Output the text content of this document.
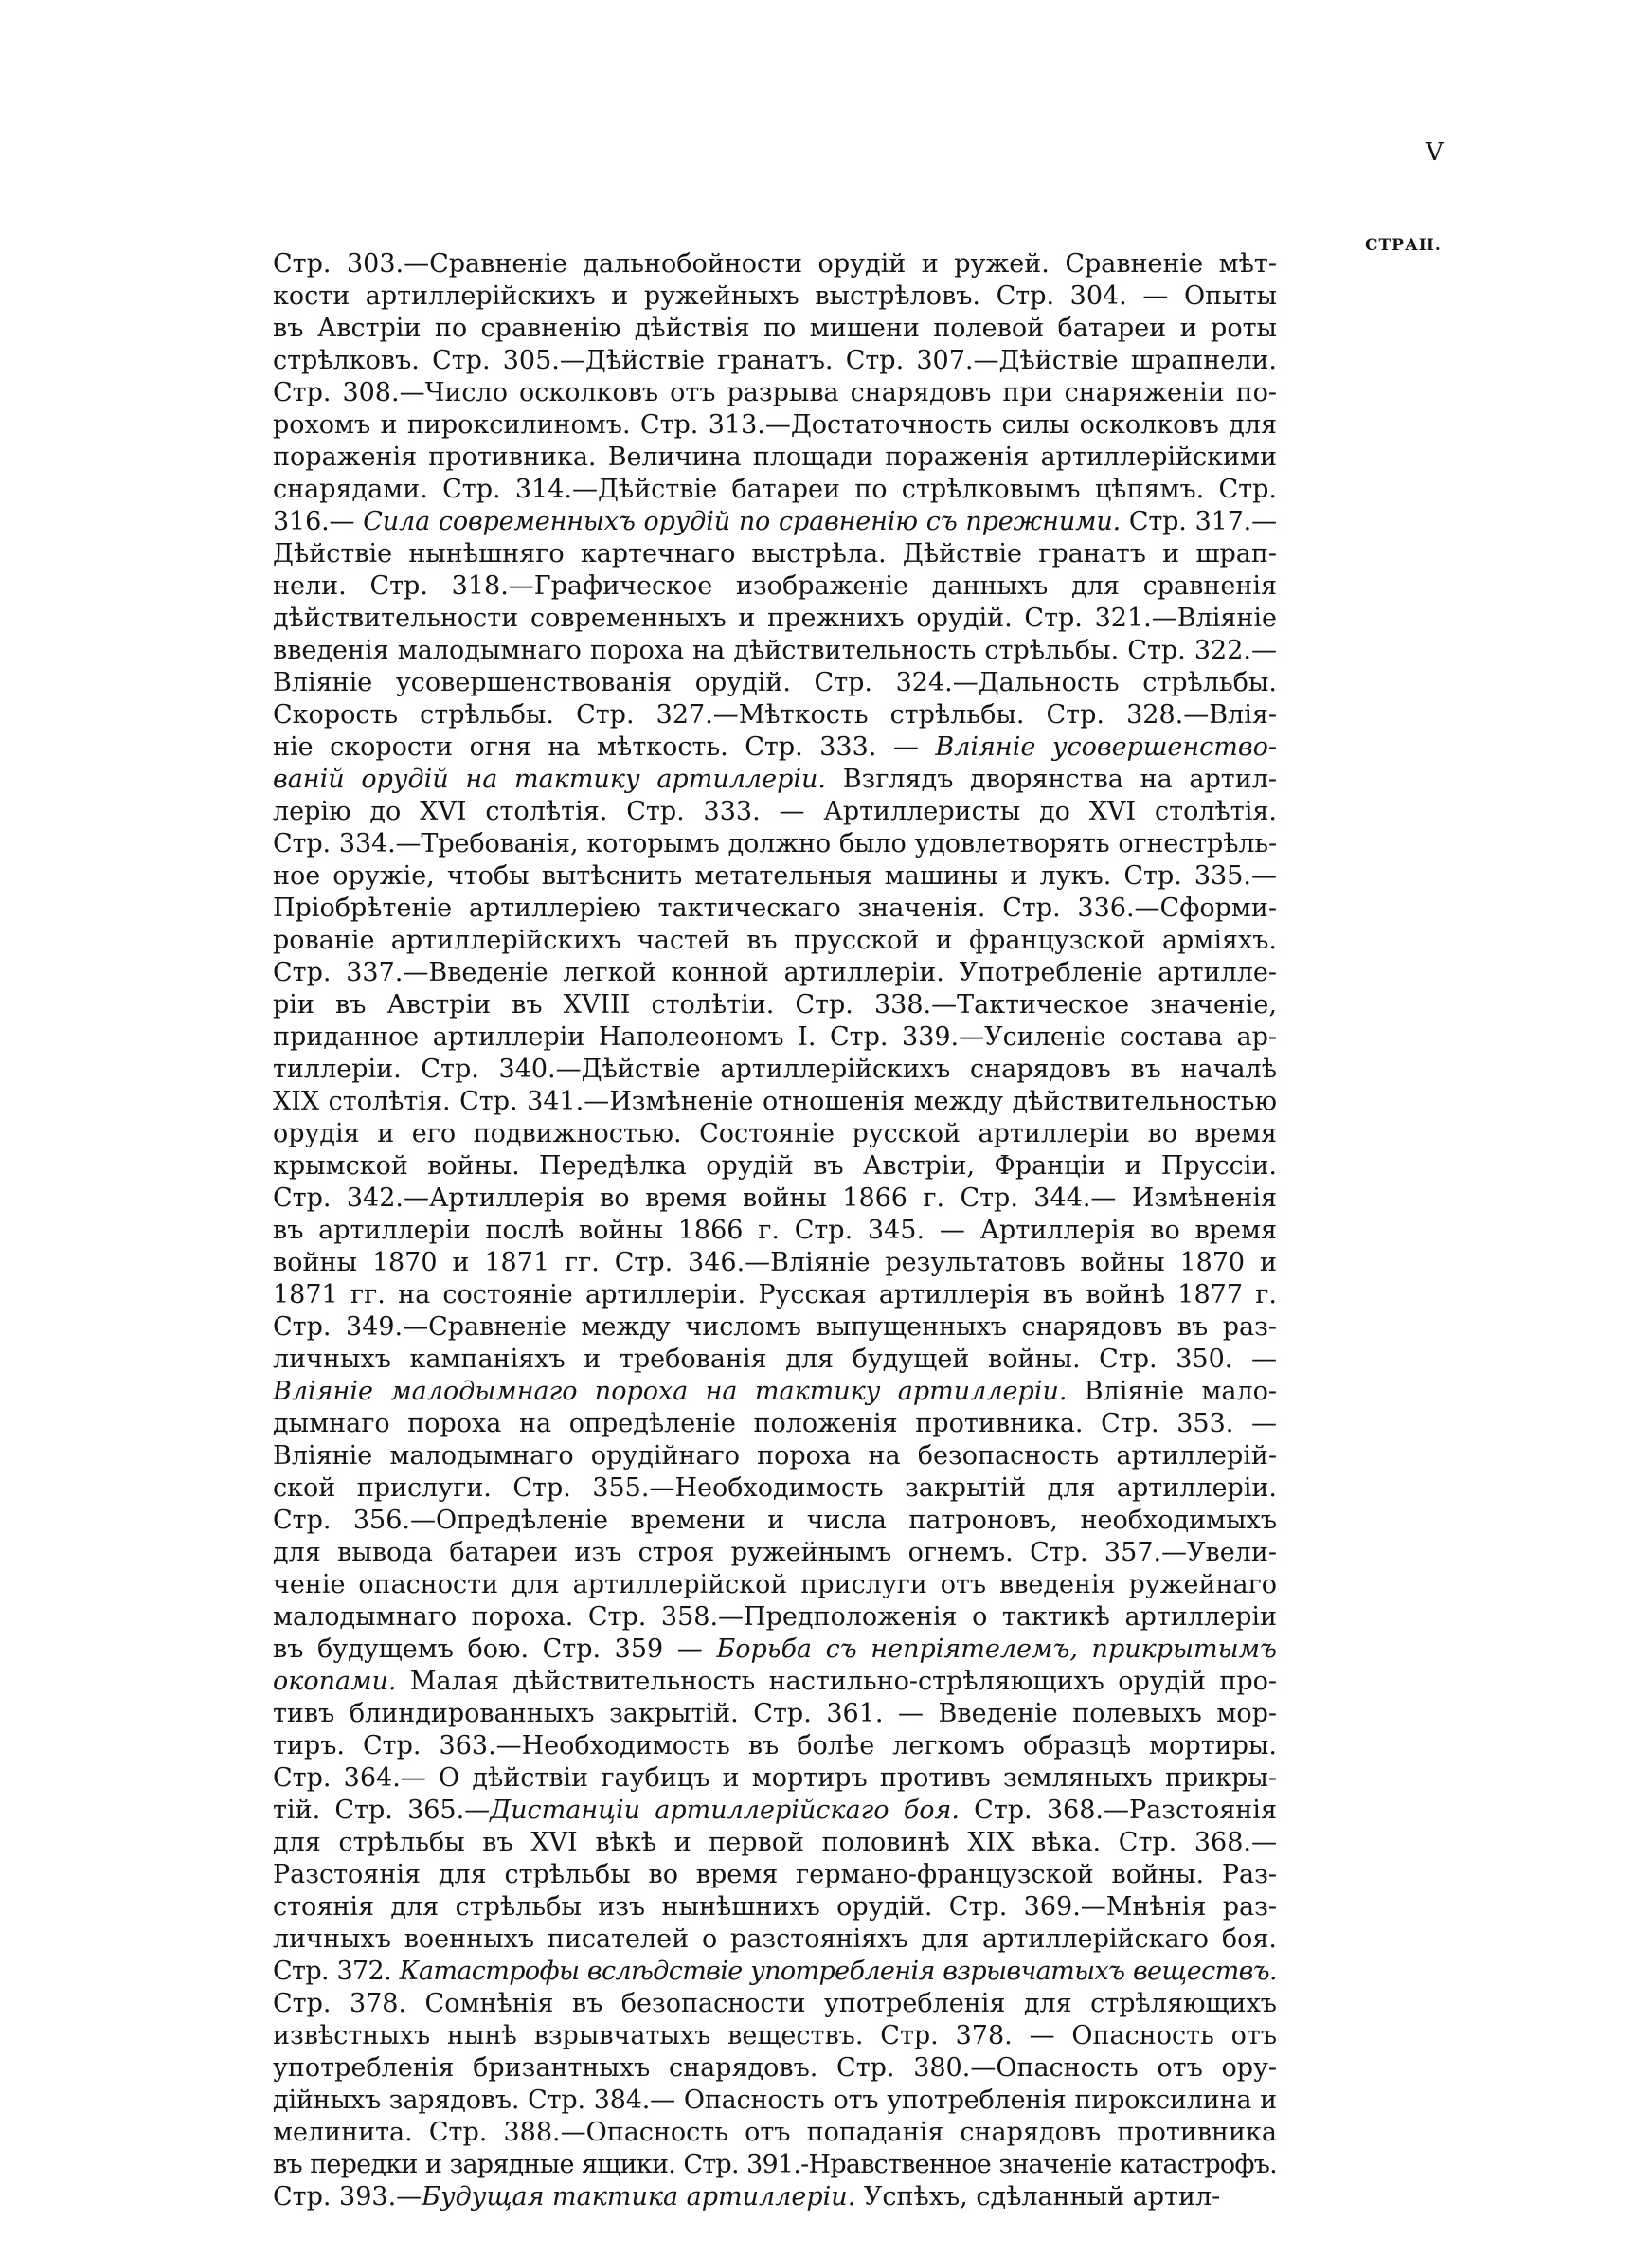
V
СТРАН.
Стр. 303.—Сравненіе дальнобойности орудій и ружей. Сравненіе мѣт-
кости артиллерійскихъ и ружейныхъ выстрѣловъ. Стр. 304. — Опыты
въ Австріи по сравненію дѣйствія по мишени полевой батареи и роты
стрѣлковъ. Стр. 305.—Дѣйствіе гранатъ. Стр. 307.—Дѣйствіе шрапнели.
Стр. 308.—Число осколковъ отъ разрыва снарядовъ при снаряженіи по-
рохомъ и пироксилиномъ. Стр. 313.—Достаточность силы осколковъ для
пораженія противника. Величина площади пораженія артиллерійскими
снарядами. Стр. 314.—Дѣйствіе батареи по стрѣлковымъ цѣпямъ. Стр.
316.— Сила современныхъ орудій по сравненію съ прежними. Стр. 317.—
Дѣйствіе нынѣшняго картечнаго выстрѣла. Дѣйствіе гранатъ и шрап-
нели. Стр. 318.—Графическое изображеніе данныхъ для сравненія
дѣйствительности современныхъ и прежнихъ орудій. Стр. 321.—Вліяніе
введенія малодымнаго пороха на дѣйствительность стрѣльбы. Стр. 322.—
Вліяніе усовершенствованія орудій. Стр. 324.—Дальность стрѣльбы.
Скорость стрѣльбы. Стр. 327.—Мѣткость стрѣльбы. Стр. 328.—Влія-
ніе скорости огня на мѣткость. Стр. 333. — Вліяніе усовершенство-
ваній орудій на тактику артиллеріи. Взглядъ дворянства на артил-
лерію до XVI столѣтія. Стр. 333. — Артиллеристы до XVI столѣтія.
Стр. 334.—Требованія, которымъ должно было удовлетворять огнестрѣль-
ное оружіе, чтобы вытѣснить метательныя машины и лукъ. Стр. 335.—
Пріобрѣтеніе артиллеріею тактическаго значенія. Стр. 336.—Сформи-
рованіе артиллерійскихъ частей въ прусской и французской арміяхъ.
Стр. 337.—Введеніе легкой конной артиллеріи. Употребленіе артилле-
ріи въ Австріи въ XVIII столѣтіи. Стр. 338.—Тактическое значеніе,
приданное артиллеріи Наполеономъ I. Стр. 339.—Усиленіе состава ар-
тиллеріи. Стр. 340.—Дѣйствіе артиллерійскихъ снарядовъ въ началѣ
XIX столѣтія. Стр. 341.—Измѣненіе отношенія между дѣйствительностью
орудія и его подвижностью. Состояніе русской артиллеріи во время
крымской войны. Передѣлка орудій въ Австріи, Франціи и Пруссіи.
Стр. 342.—Артиллерія во время войны 1866 г. Стр. 344.— Измѣненія
въ артиллеріи послѣ войны 1866 г. Стр. 345. — Артиллерія во время
войны 1870 и 1871 гг. Стр. 346.—Вліяніе результатовъ войны 1870 и
1871 гг. на состояніе артиллеріи. Русская артиллерія въ войнѣ 1877 г.
Стр. 349.—Сравненіе между числомъ выпущенныхъ снарядовъ въ раз-
личныхъ кампаніяхъ и требованія для будущей войны. Стр. 350. —
Вліяніе малодымнаго пороха на тактику артиллеріи. Вліяніе мало-
дымнаго пороха на опредѣленіе положенія противника. Стр. 353. —
Вліяніе малодымнаго орудійнаго пороха на безопасность артиллерій-
ской прислуги. Стр. 355.—Необходимость закрытій для артиллеріи.
Стр. 356.—Опредѣленіе времени и числа патроновъ, необходимыхъ
для вывода батареи изъ строя ружейнымъ огнемъ. Стр. 357.—Увели-
ченіе опасности для артиллерійской прислуги отъ введенія ружейнаго
малодымнаго пороха. Стр. 358.—Предположенія о тактикѣ артиллеріи
въ будущемъ бою. Стр. 359 — Борьба съ непріятелемъ, прикрытымъ
окопами. Малая дѣйствительность настильно-стрѣляющихъ орудій про-
тивъ блиндированныхъ закрытій. Стр. 361. — Введеніе полевыхъ мор-
тиръ. Стр. 363.—Необходимость въ болѣе легкомъ образцѣ мортиры.
Стр. 364.— О дѣйствіи гаубицъ и мортиръ противъ земляныхъ прикры-
тій. Стр. 365.—Дистанціи артиллерійскаго боя. Стр. 368.—Разстоянія
для стрѣльбы въ XVI вѣкѣ и первой половинѣ XIX вѣка. Стр. 368.—
Разстоянія для стрѣльбы во время германо-французской войны. Раз-
стоянія для стрѣльбы изъ нынѣшнихъ орудій. Стр. 369.—Мнѣнія раз-
личныхъ военныхъ писателей о разстояніяхъ для артиллерійскаго боя.
Стр. 372. Катастрофы вслѣдствіе употребленія взрывчатыхъ веществъ.
Стр. 378. Сомнѣнія въ безопасности употребленія для стрѣляющихъ
извѣстныхъ нынѣ взрывчатыхъ веществъ. Стр. 378. — Опасность отъ
употребленія бризантныхъ снарядовъ. Стр. 380.—Опасность отъ ору-
дійныхъ зарядовъ. Стр. 384.— Опасность отъ употребленія пироксилина и
мелинита. Стр. 388.—Опасность отъ попаданія снарядовъ противника
въ передки и зарядные ящики. Стр. 391.-Нравственное значеніе катастрофъ.
Стр. 393.—Будущая тактика артиллеріи. Успѣхъ, сдѣланный артил-
